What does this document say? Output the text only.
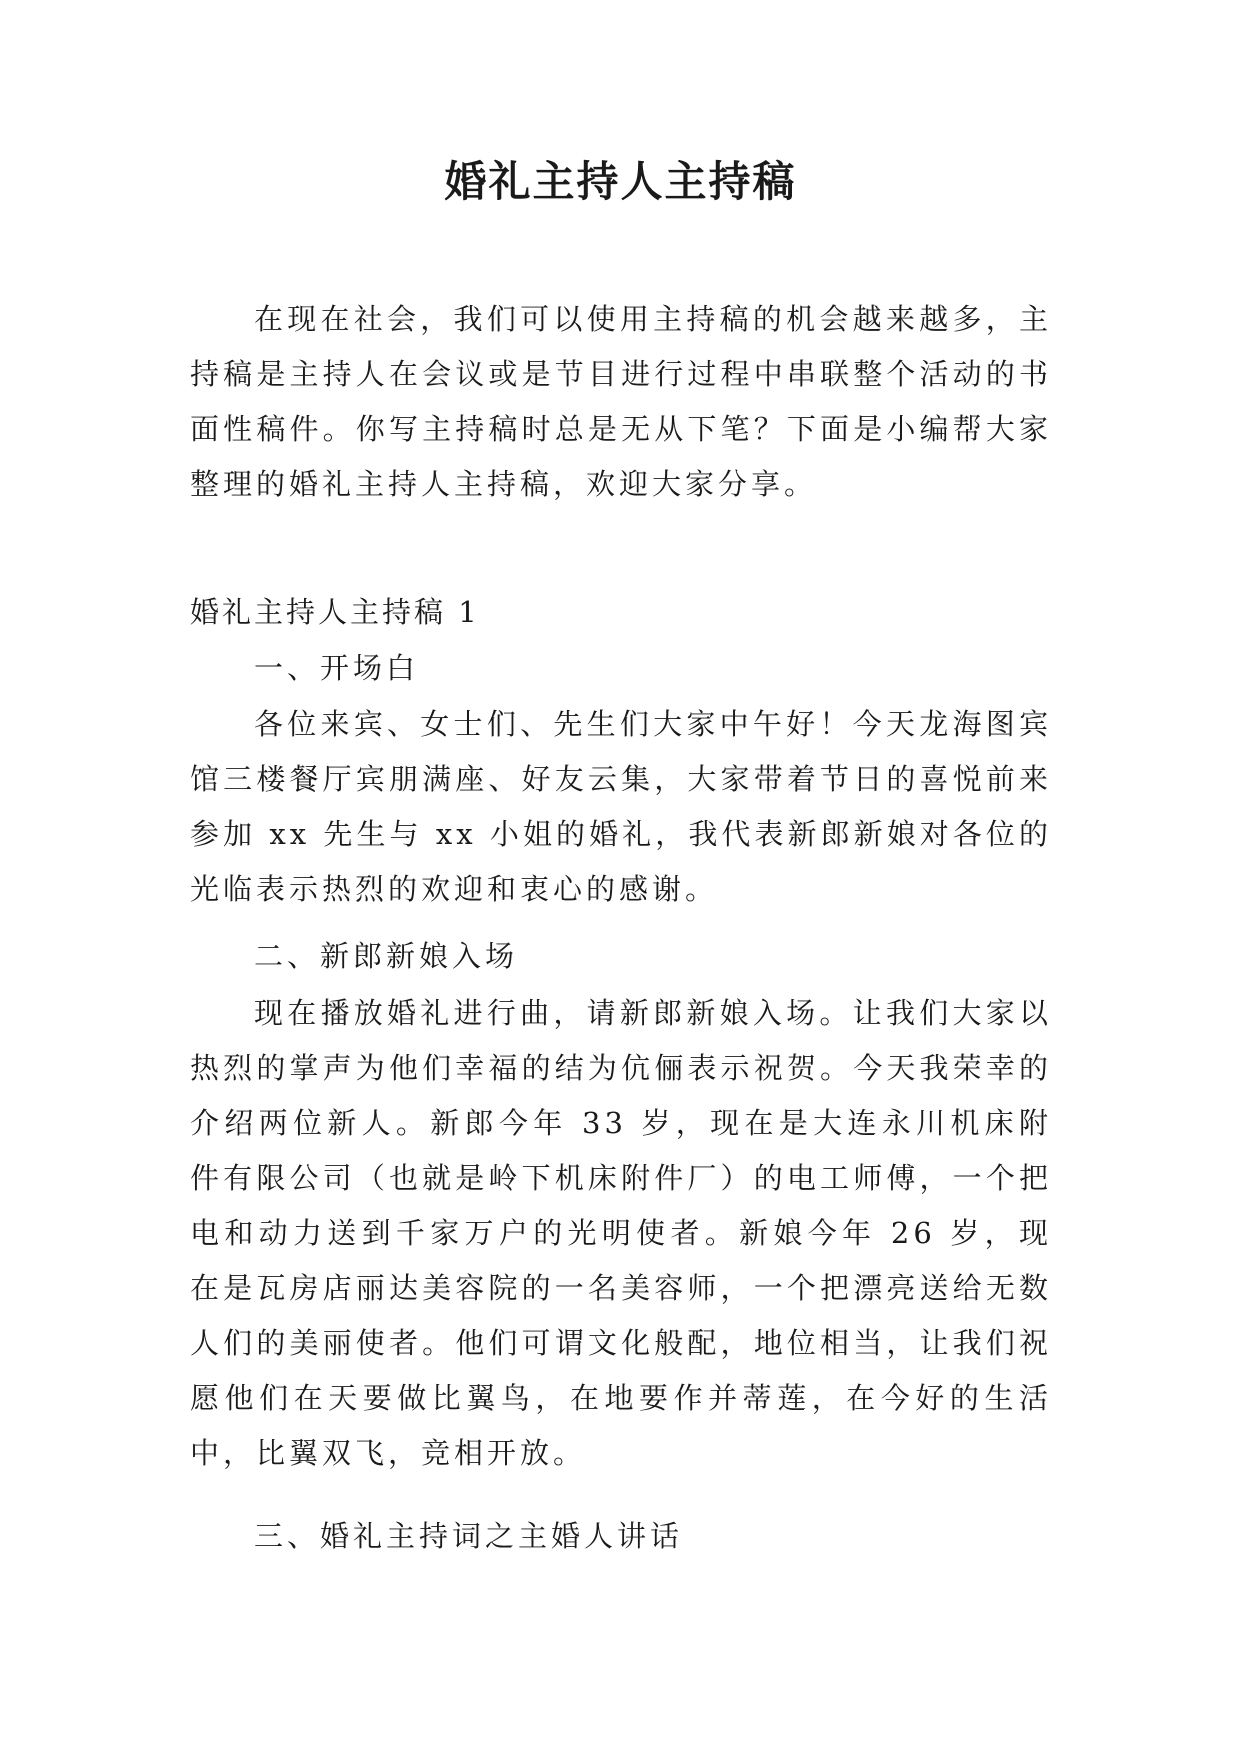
婚礼主持人主持稿

在现在社会，我们可以使用主持稿的机会越来越多，主持稿是主持人在会议或是节目进行过程中串联整个活动的书面性稿件。你写主持稿时总是无从下笔？下面是小编帮大家整理的婚礼主持人主持稿，欢迎大家分享。

婚礼主持人主持稿 1

一、开场白

各位来宾、女士们、先生们大家中午好！今天龙海图宾馆三楼餐厅宾朋满座、好友云集，大家带着节日的喜悦前来参加 xx 先生与 xx 小姐的婚礼，我代表新郎新娘对各位的光临表示热烈的欢迎和衷心的感谢。

二、新郎新娘入场

现在播放婚礼进行曲，请新郎新娘入场。让我们大家以热烈的掌声为他们幸福的结为伉俪表示祝贺。今天我荣幸的介绍两位新人。新郎今年 33 岁，现在是大连永川机床附件有限公司（也就是岭下机床附件厂）的电工师傅，一个把电和动力送到千家万户的光明使者。新娘今年 26 岁，现在是瓦房店丽达美容院的一名美容师，一个把漂亮送给无数人们的美丽使者。他们可谓文化般配，地位相当，让我们祝愿他们在天要做比翼鸟，在地要作并蒂莲，在今好的生活中，比翼双飞，竞相开放。

三、婚礼主持词之主婚人讲话
